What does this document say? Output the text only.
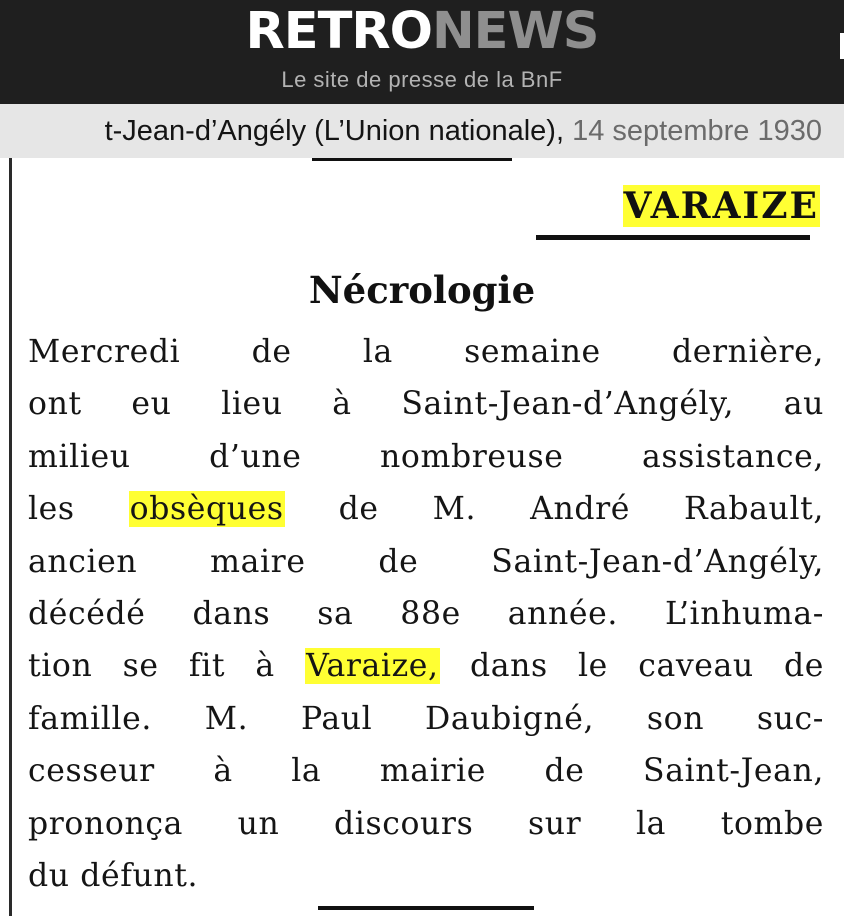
RETRONEWS
Le site de presse de la BnF
t-Jean-d’Angély (L’Union nationale), 14 septembre 1930
VARAIZE
Nécrologie
Mercredi de la semaine dernière,
ont eu lieu à Saint-Jean-d’Angély, au
milieu d’une nombreuse assistance,
les obsèques de M. André Rabault,
ancien maire de Saint-Jean-d’Angély,
décédé dans sa 88e année. L’inhuma-
tion se fit à Varaize, dans le caveau de
famille. M. Paul Daubigné, son suc-
cesseur à la mairie de Saint-Jean,
prononça un discours sur la tombe
du défunt.
